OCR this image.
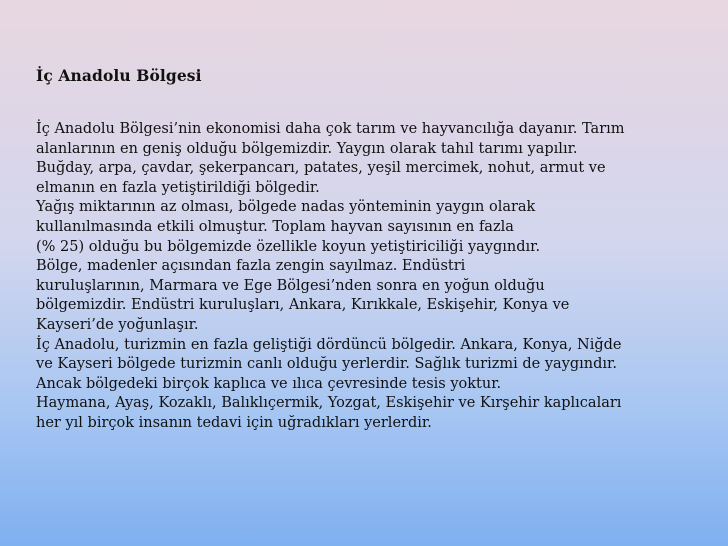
İç Anadolu Bölgesi
İç Anadolu Bölgesi’nin ekonomisi daha çok tarım ve hayvancılığa dayanır. Tarım
alanlarının en geniş olduğu bölgemizdir. Yaygın olarak tahıl tarımı yapılır.
Buğday, arpa, çavdar, şekerpancarı, patates, yeşil mercimek, nohut, armut ve
elmanın en fazla yetiştirildiği bölgedir.
Yağış miktarının az olması, bölgede nadas yönteminin yaygın olarak
kullanılmasında etkili olmuştur. Toplam hayvan sayısının en fazla
(% 25) olduğu bu bölgemizde özellikle koyun yetiştiriciliği yaygındır.
Bölge, madenler açısından fazla zengin sayılmaz. Endüstri
kuruluşlarının, Marmara ve Ege Bölgesi’nden sonra en yoğun olduğu
bölgemizdir. Endüstri kuruluşları, Ankara, Kırıkkale, Eskişehir, Konya ve
Kayseri’de yoğunlaşır.
İç Anadolu, turizmin en fazla geliştiği dördüncü bölgedir. Ankara, Konya, Niğde
ve Kayseri bölgede turizmin canlı olduğu yerlerdir. Sağlık turizmi de yaygındır.
Ancak bölgedeki birçok kaplıca ve ılıca çevresinde tesis yoktur.
Haymana, Ayaş, Kozaklı, Balıklıçermik, Yozgat, Eskişehir ve Kırşehir kaplıcaları
her yıl birçok insanın tedavi için uğradıkları yerlerdir.
